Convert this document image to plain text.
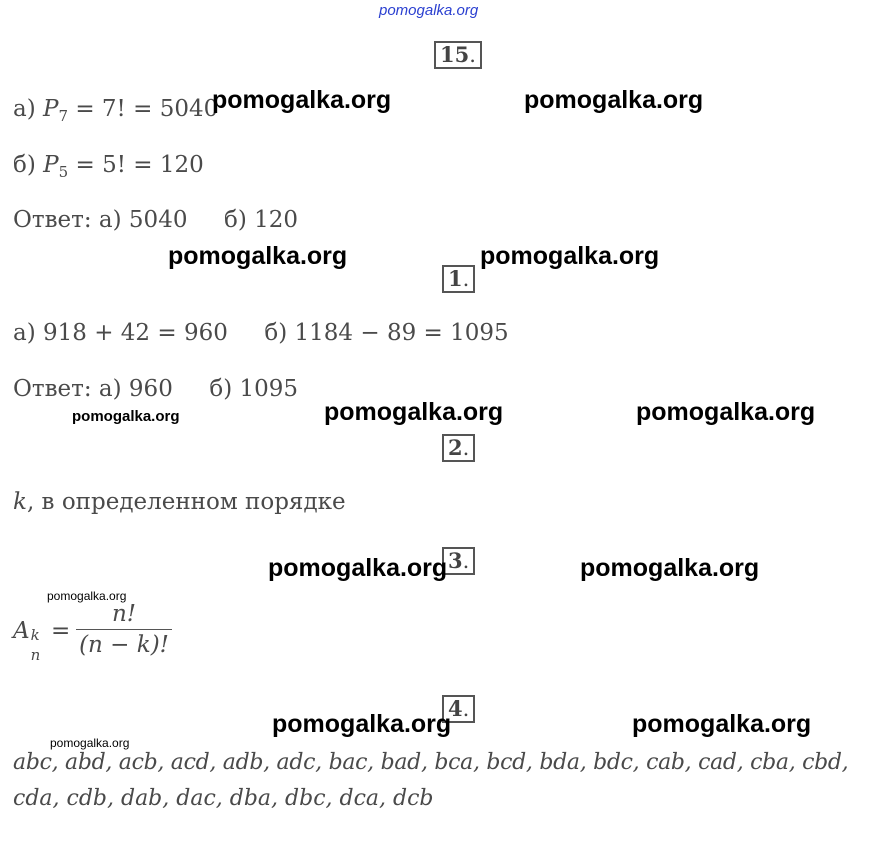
pomogalka.org
15.
а) $P_7 = 7$! = 5040
б) $P_5 = 5$! = 120
Ответ: а) 5040     б) 120
1.
а) 918 + 42 = 960     б) 1184 − 89 = 1095
Ответ: а) 960     б) 1095
2.
k, в определенном порядке
3.
A k
n
=
n!
(n − k)!
4.
abc, abd, acb, acd, adb, adc, bac, bad, bca, bcd, bda, bdc, cab, cad, cba, cbd,
cda, cdb, dab, dac, dba, dbc, dca, dcb
pomogalka.org	pomogalka.org
pomogalka.org	pomogalka.org
pomogalka.org	pomogalka.org	pomogalka.org
pomogalka.org	pomogalka.org
pomogalka.org
pomogalka.org	pomogalka.org
pomogalka.org
